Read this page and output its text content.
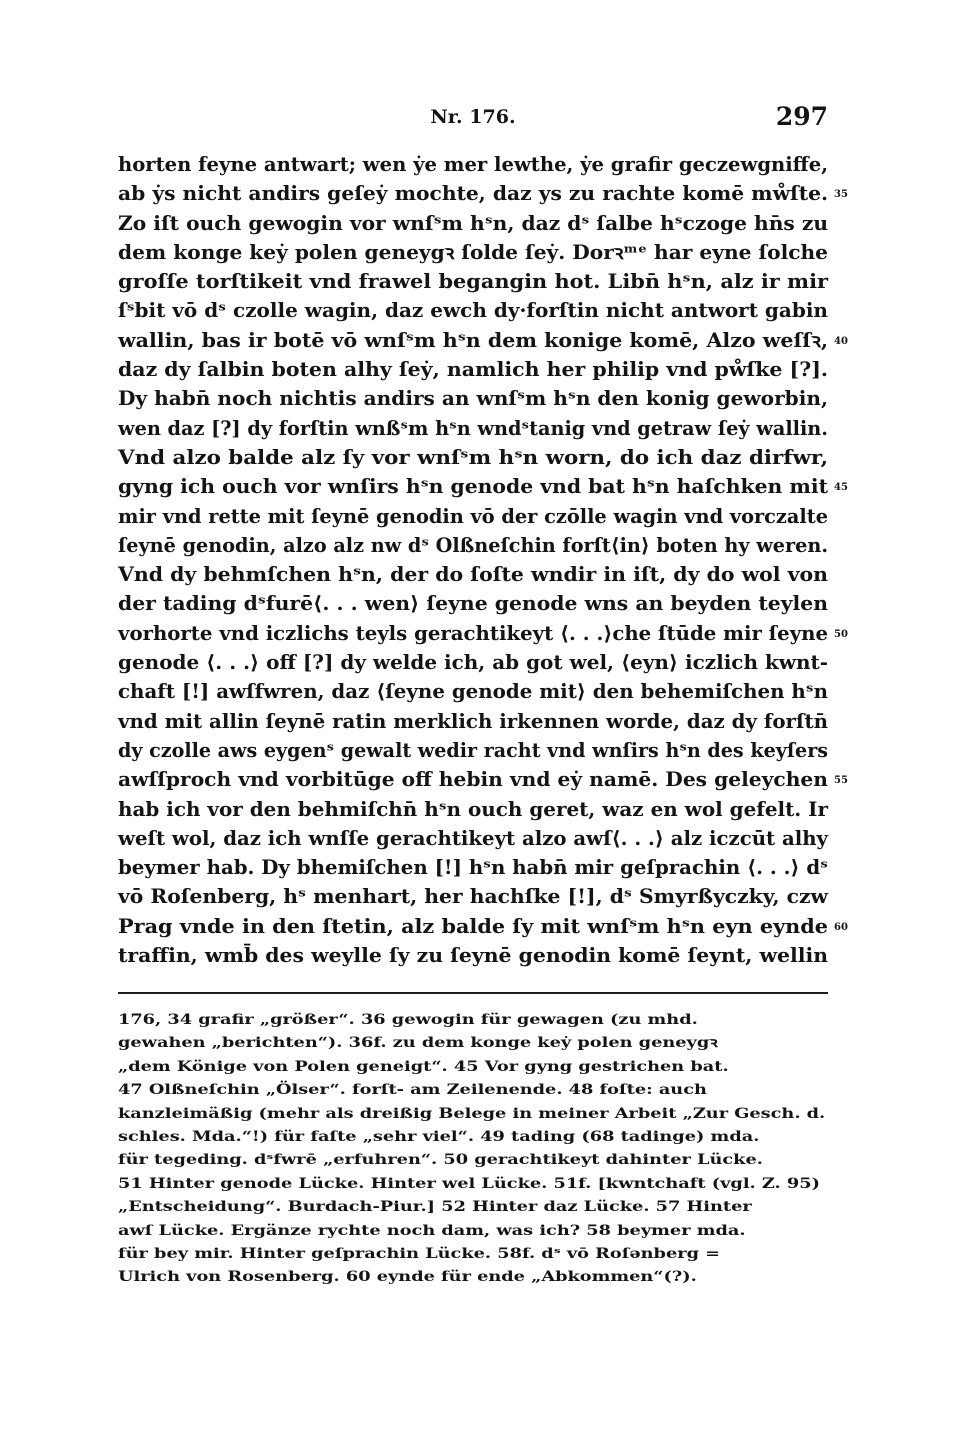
Nr. 176.	297
horten feyne antwart; wen ẏe mer lewthe, ẏe grafir geczewgniffe,
ab ẏs nicht andirs geſeẏ mochte, daz ys zu rachte komē mẘſte. 35
Zo iſt ouch gewogin vor wnſˢm hˢn, daz dˢ ſalbe hˢczoge hn̄s zu
dem konge keẏ polen geneygꝛ ſolde ſeẏ. Dorꝛᵐᵉ har eyne ſolche
groſſe torſtikeit vnd frawel begangin hot. Libn̄ hˢn, alz ir mir
ſˢbit vō dˢ czolle wagin, daz ewch dy·forſtin nicht antwort gabin
wallin, bas ir botē vō wnſˢm hˢn dem konige komē, Alzo weſſꝛ, 40
daz dy ſalbin boten alhy ſeẏ, namlich her philip vnd pẘſke [?].
Dy habn̄ noch nichtis andirs an wnſˢm hˢn den konig geworbin,
wen daz [?] dy forſtin wnßˢm hˢn wndˢtanig vnd getraw ſeẏ wallin.
Vnd alzo balde alz ſy vor wnſˢm hˢn worn, do ich daz dirfwr,
gyng ich ouch vor wnſirs hˢn genode vnd bat hˢn haſchken mit 45
mir vnd rette mit ſeynē genodin vō der czōlle wagin vnd vorczalte
ſeynē genodin, alzo alz nw dˢ Olßneſchin forſt⟨in⟩ boten hy weren.
Vnd dy behmſchen hˢn, der do ſoſte wndir in iſt, dy do wol von
der tading dˢfurē⟨. . . wen⟩ ſeyne genode wns an beyden teylen
vorhorte vnd iczlichs teyls gerachtikeyt ⟨. . .⟩che ſtūde mir ſeyne 50
genode ⟨. . .⟩ off [?] dy welde ich, ab got wel, ⟨eyn⟩ iczlich kwnt-
chaft [!] awſfwren, daz ⟨ſeyne genode mit⟩ den behemiſchen hˢn
vnd mit allin ſeynē ratin merklich irkennen worde, daz dy forſtn̄
dy czolle aws eygenˢ gewalt wedir racht vnd wnſirs hˢn des keyſers
awſſproch vnd vorbitūge off hebin vnd eẏ namē. Des geleychen 55
hab ich vor den behmiſchn̄ hˢn ouch geret, waz en wol gefelt. Ir
weſt wol, daz ich wnſſe gerachtikeyt alzo awſ⟨. . .⟩ alz iczcūt alhy
beymer hab. Dy bhemiſchen [!] hˢn habn̄ mir geſprachin ⟨. . .⟩ dˢ
vō Roſenberg, hˢ menhart, her hachſke [!], dˢ Smyrßyczky, czw
Prag vnde in den ſtetin, alz balde ſy mit wnſˢm hˢn eyn eynde 60
traffin, wmb̄ des weylle ſy zu ſeynē genodin komē ſeynt, wellin
176, 34 grafir „größer“. 36 gewogin für gewagen (zu mhd.
gewahen „berichten“). 36f. zu dem konge keẏ polen geneygꝛ
„dem Könige von Polen geneigt“. 45 Vor gyng gestrichen bat.
47 Olßneſchin „Ölser“. forſt- am Zeilenende. 48 foſte: auch
kanzleimäßig (mehr als dreißig Belege in meiner Arbeit „Zur Gesch. d.
schles. Mda.“!) für faſte „sehr viel“. 49 tading (68 tadinge) mda.
für tegeding. dˢfwrē „erfuhren“. 50 gerachtikeyt dahinter Lücke.
51 Hinter genode Lücke. Hinter wel Lücke. 51f. [kwntchaft (vgl. Z. 95)
„Entscheidung“. Burdach-Piur.] 52 Hinter daz Lücke. 57 Hinter
awſ Lücke. Ergänze rychte noch dam, was ich? 58 beymer mda.
für bey mir. Hinter geſprachin Lücke. 58f. dˢ vō Roſənberg =
Ulrich von Rosenberg. 60 eynde für ende „Abkommen“(?).
